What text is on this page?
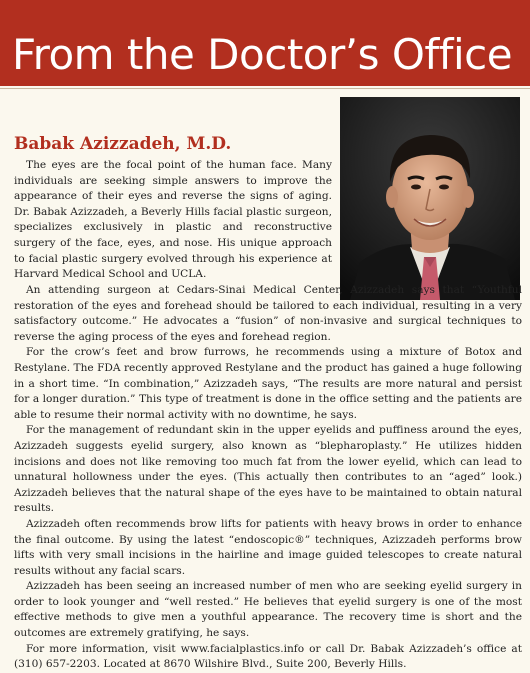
From the Doctor’s Office
Babak Azizzadeh, M.D.

The eyes are the focal point of the human face. Many individuals are seeking simple answers to improve the appearance of their eyes and reverse the signs of aging. Dr. Babak Azizzadeh, a Beverly Hills facial plastic surgeon, specializes exclusively in plastic and reconstructive surgery of the face, eyes, and nose. His unique approach to facial plastic surgery evolved through his experience at Harvard Medical School and UCLA.

An attending surgeon at Cedars-Sinai Medical Center, Azizzadeh says that “Youthful restoration of the eyes and forehead should be tailored to each individual, resulting in a very satisfactory outcome.” He advocates a “fusion” of non-invasive and surgical techniques to reverse the aging process of the eyes and forehead region.

For the crow’s feet and brow furrows, he recommends using a mixture of Botox and Restylane. The FDA recently approved Restylane and the product has gained a huge following in a short time. “In combination,” Azizzadeh says, “The results are more natural and persist for a longer duration.” This type of treatment is done in the office setting and the patients are able to resume their normal activity with no downtime, he says.

For the management of redundant skin in the upper eyelids and puffiness around the eyes, Azizzadeh suggests eyelid surgery, also known as “blepharoplasty.” He utilizes hidden incisions and does not like removing too much fat from the lower eyelid, which can lead to unnatural hollowness under the eyes. (This actually then contributes to an “aged” look.) Azizzadeh believes that the natural shape of the eyes have to be maintained to obtain natural results.

Azizzadeh often recommends brow lifts for patients with heavy brows in order to enhance the final outcome. By using the latest “endoscopic®” techniques, Azizzadeh performs brow lifts with very small incisions in the hairline and image guided telescopes to create natural results without any facial scars.

Azizzadeh has been seeing an increased number of men who are seeking eyelid surgery in order to look younger and “well rested.” He believes that eyelid surgery is one of the most effective methods to give men a youthful appearance. The recovery time is short and the outcomes are extremely gratifying, he says.

For more information, visit www.facialplastics.info or call Dr. Babak Azizzadeh’s office at (310) 657-2203. Located at 8670 Wilshire Blvd., Suite 200, Beverly Hills.
